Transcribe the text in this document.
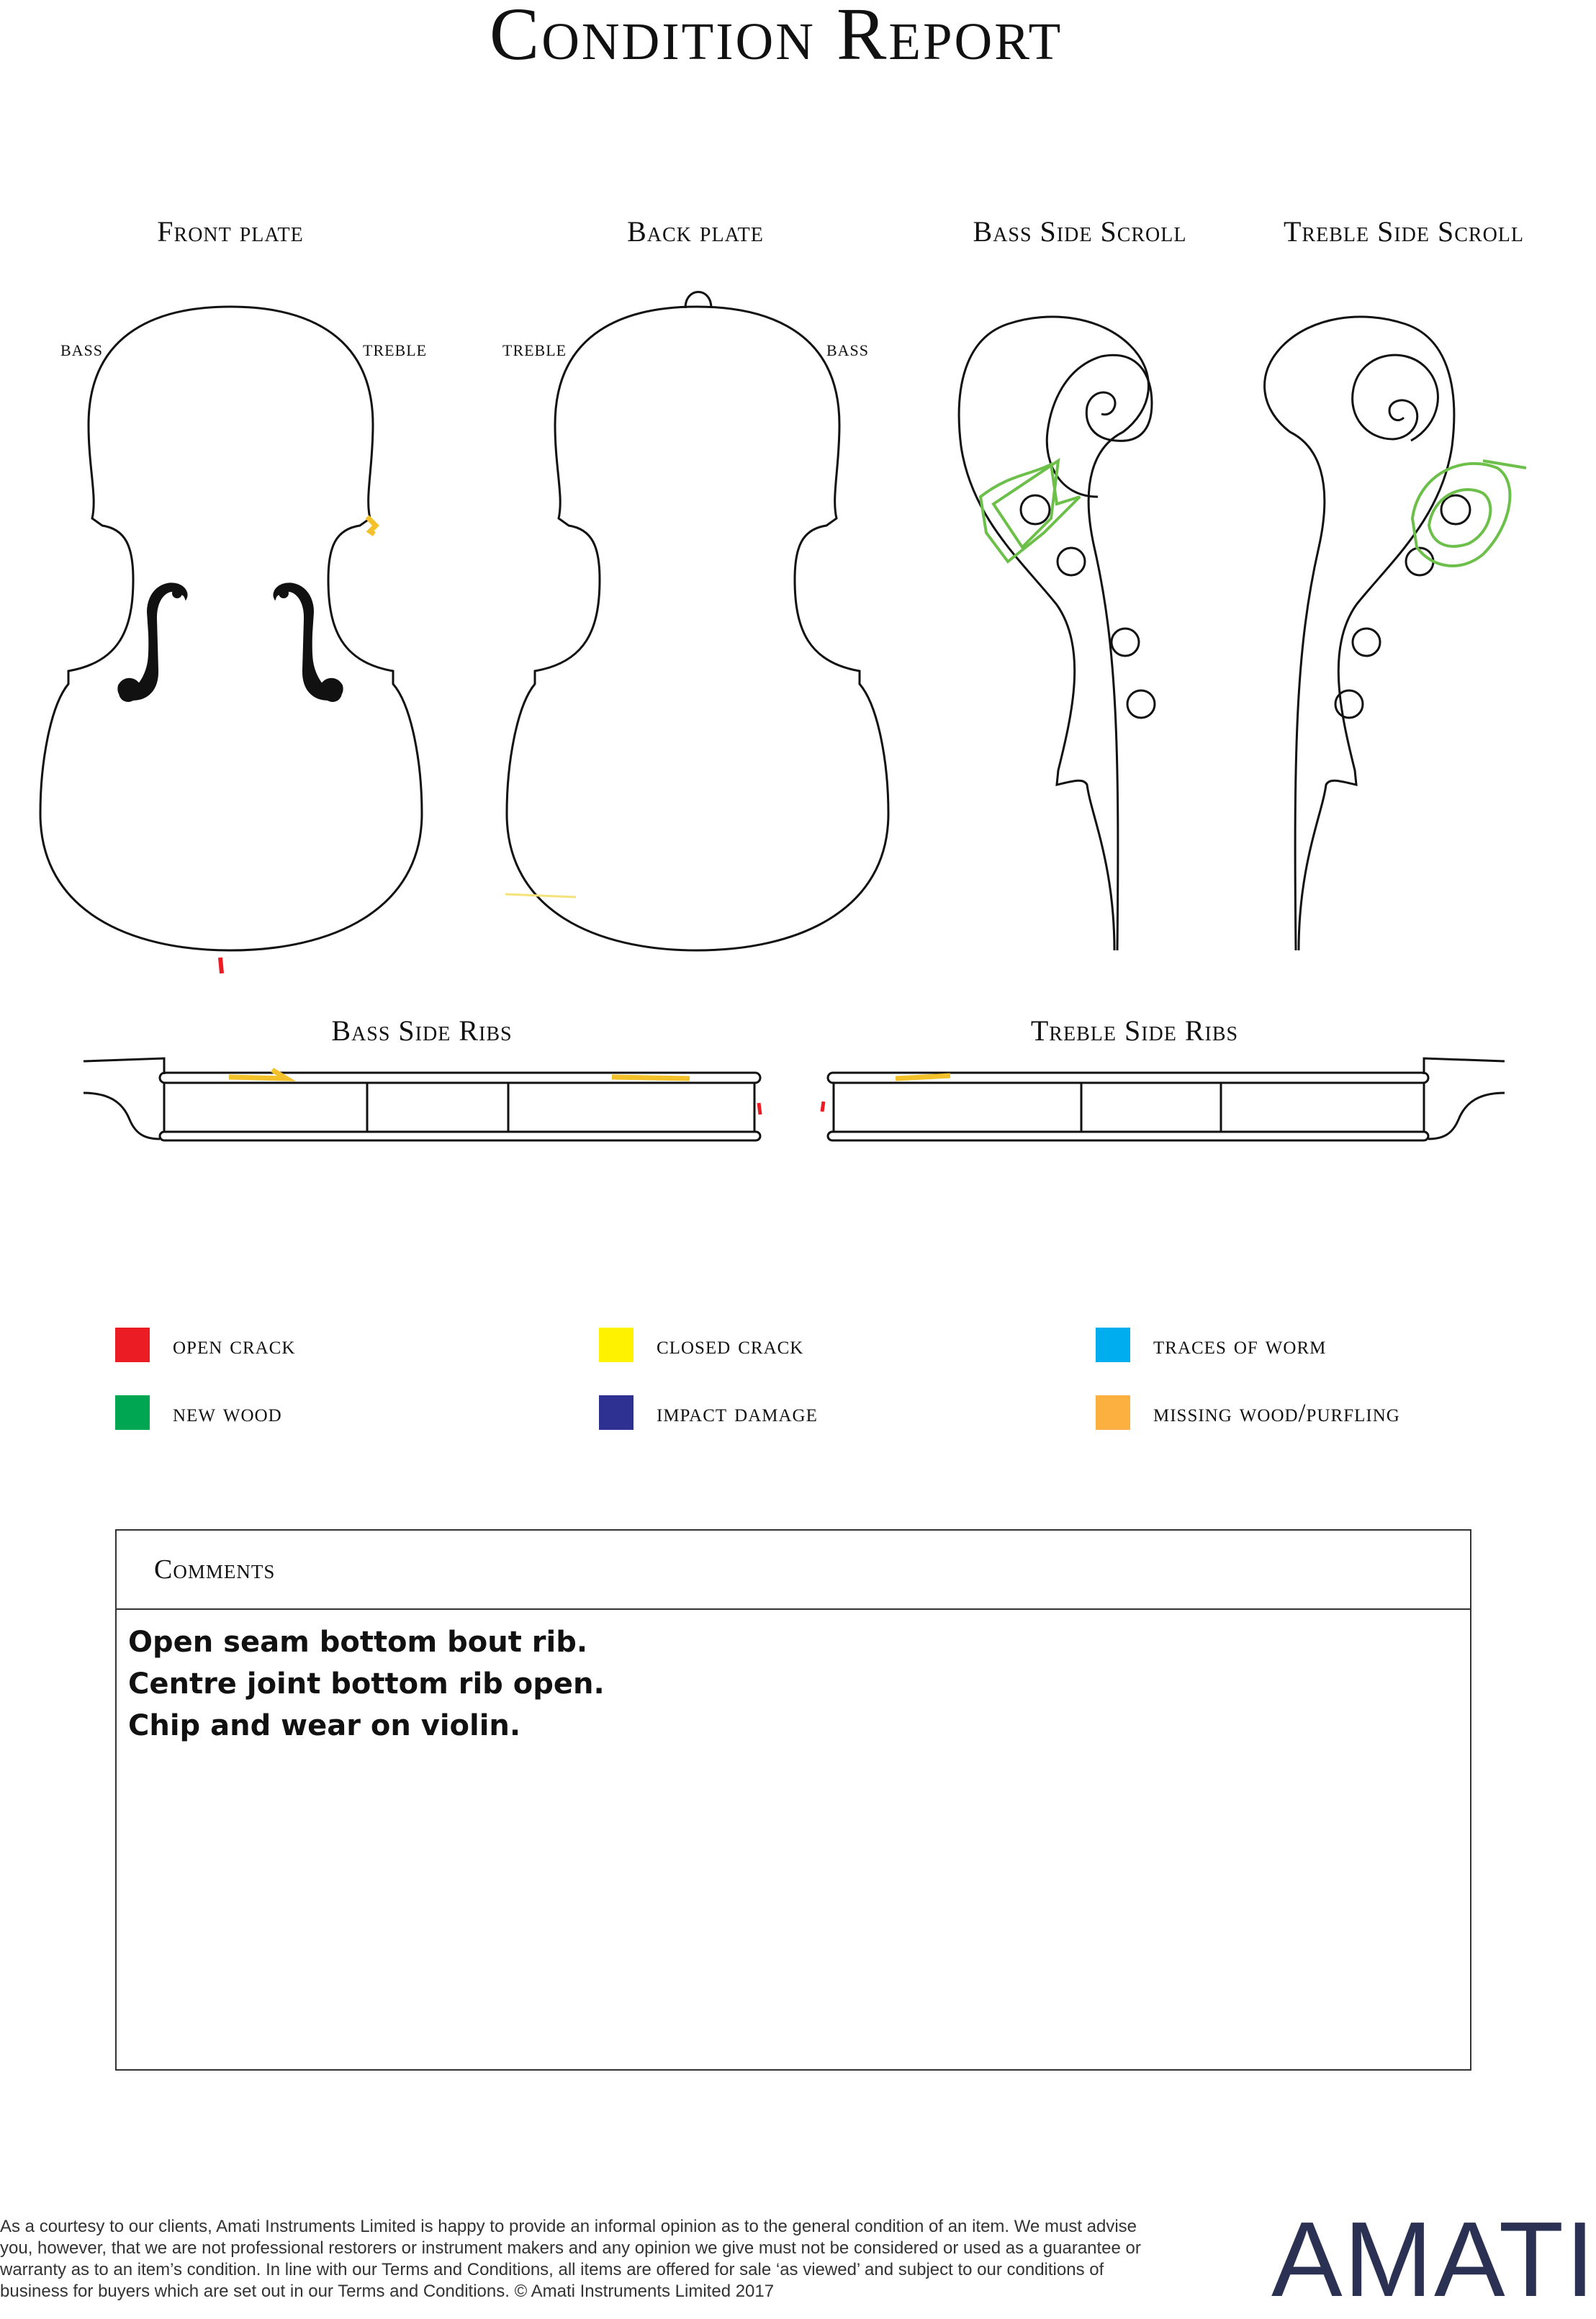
Condition Report
Front plate	Back plate	Bass Side Scroll	Treble Side Scroll
BASS	TREBLE	TREBLE	BASS
Bass Side Ribs	Treble Side Ribs
open crack	closed crack	traces of worm
new wood	impact damage	missing wood/purfling
Comments
Open seam bottom bout rib.
Centre joint bottom rib open.
Chip and wear on violin.
As a courtesy to our clients, Amati Instruments Limited is happy to provide an informal opinion as to the general condition of an item. We must advise you, however, that we are not professional restorers or instrument makers and any opinion we give must not be considered or used as a guarantee or warranty as to an item’s condition. In line with our Terms and Conditions, all items are offered for sale ‘as viewed’ and subject to our conditions of business for buyers which are set out in our Terms and Conditions. © Amati Instruments Limited 2017	AMATI
